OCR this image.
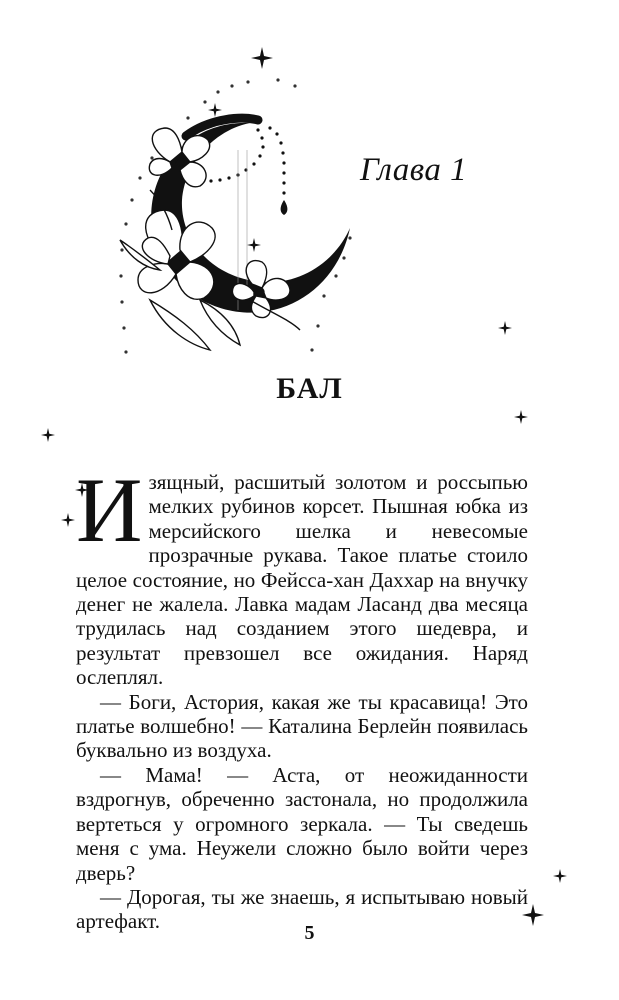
Глава 1
БАЛ

Изящный, расшитый золотом и россыпью мелких рубинов корсет. Пышная юбка из мерсийского шелка и невесомые прозрачные рукава. Такое платье стоило целое состояние, но Фейсса-хан Даххар на внучку денег не жалела. Лавка мадам Ласанд два месяца трудилась над созданием этого шедевра, и результат превзошел все ожидания. Наряд ослеплял.

— Боги, Астория, какая же ты красавица! Это платье волшебно! — Каталина Берлейн появилась буквально из воздуха.

— Мама! — Аста, от неожиданности вздрогнув, обреченно застонала, но продолжила вертеться у огромного зеркала. — Ты сведешь меня с ума. Неужели сложно было войти через дверь?

— Дорогая, ты же знаешь, я испытываю новый артефакт.	5
